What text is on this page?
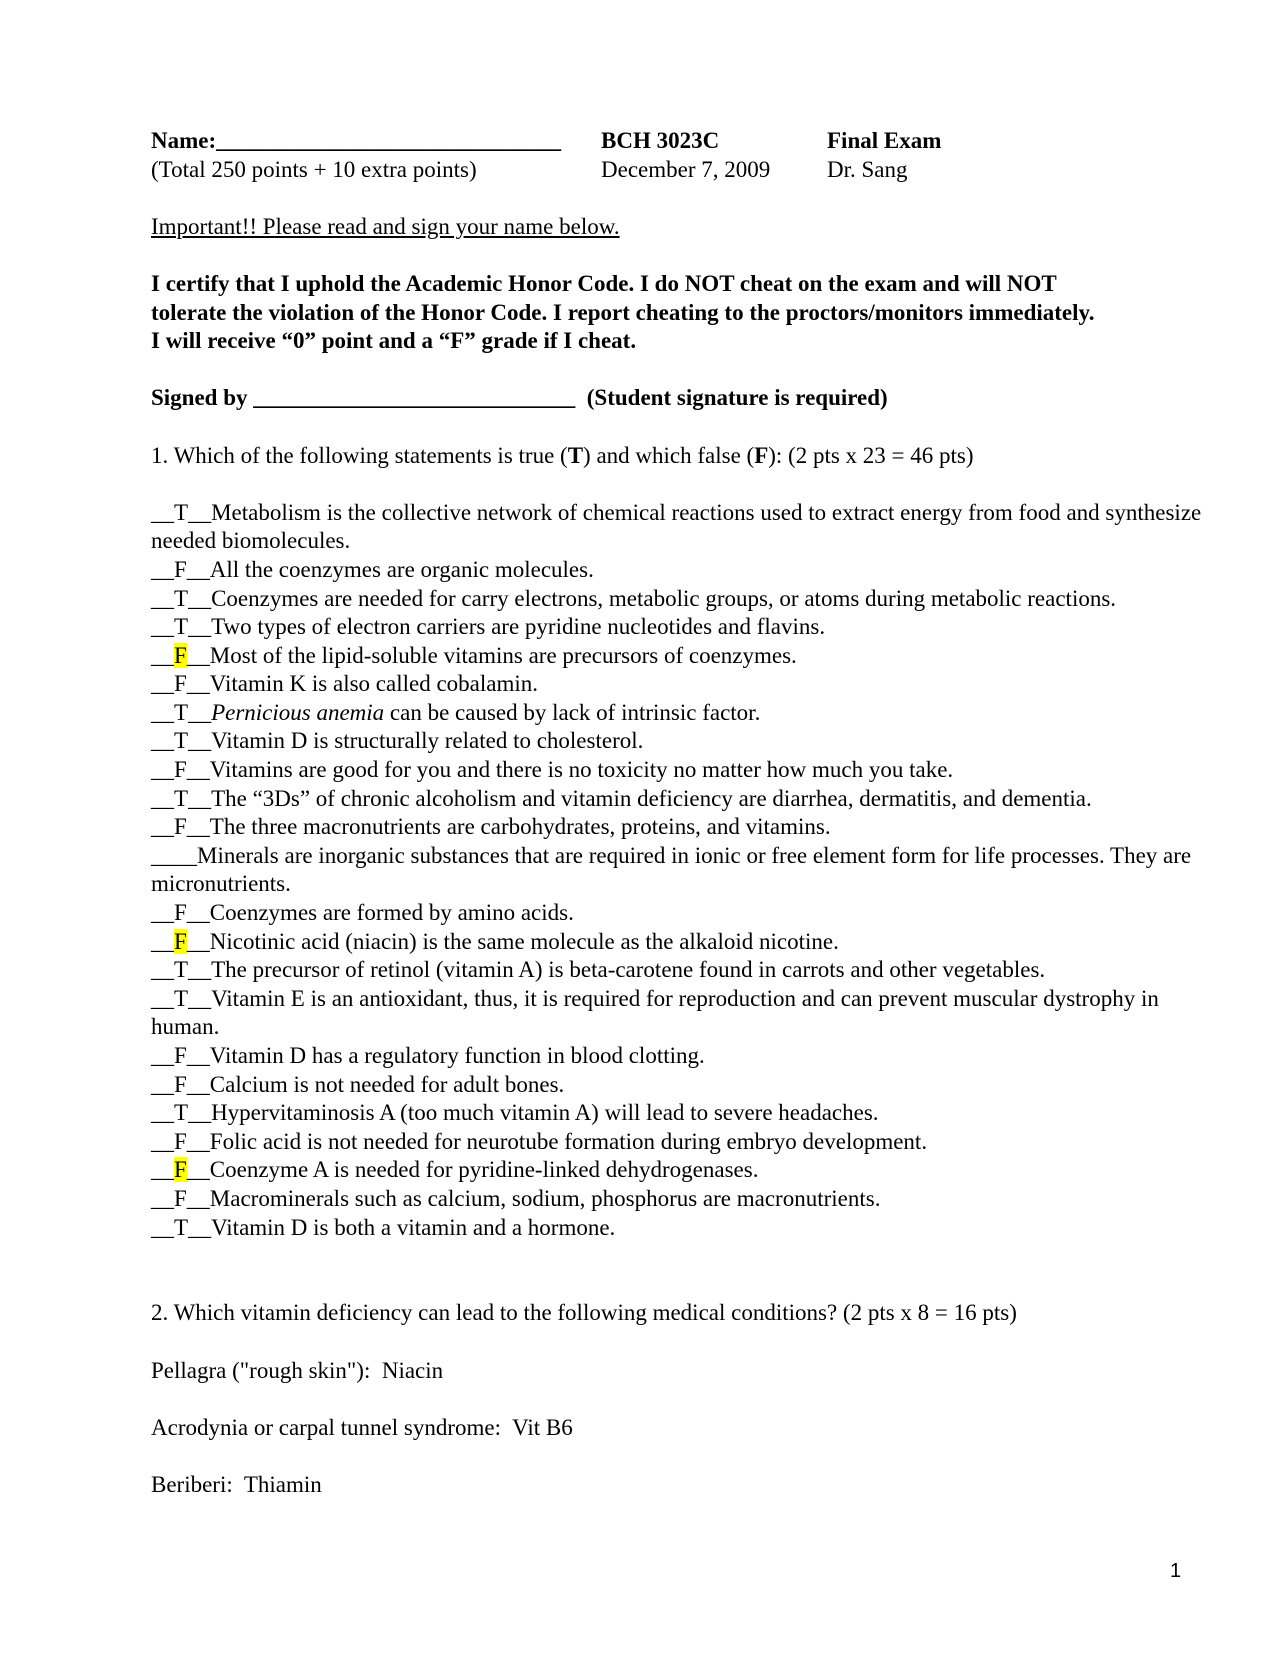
Name:______________________________	BCH 3023C	Final Exam
(Total 250 points + 10 extra points)	December 7, 2009	Dr. Sang
Important!! Please read and sign your name below.
I certify that I uphold the Academic Honor Code. I do NOT cheat on the exam and will NOT
tolerate the violation of the Honor Code. I report cheating to the proctors/monitors immediately.
I will receive “0” point and a “F” grade if I cheat.
Signed by ____________________________ (Student signature is required)
1. Which of the following statements is true (T) and which false (F): (2 pts x 23 = 46 pts)
__T__Metabolism is the collective network of chemical reactions used to extract energy from food and synthesize needed biomolecules.
__F__All the coenzymes are organic molecules.
__T__Coenzymes are needed for carry electrons, metabolic groups, or atoms during metabolic reactions.
__T__Two types of electron carriers are pyridine nucleotides and flavins.
__F__Most of the lipid-soluble vitamins are precursors of coenzymes.
__F__Vitamin K is also called cobalamin.
__T__Pernicious anemia can be caused by lack of intrinsic factor.
__T__Vitamin D is structurally related to cholesterol.
__F__Vitamins are good for you and there is no toxicity no matter how much you take.
__T__The “3Ds” of chronic alcoholism and vitamin deficiency are diarrhea, dermatitis, and dementia.
__F__The three macronutrients are carbohydrates, proteins, and vitamins.
____Minerals are inorganic substances that are required in ionic or free element form for life processes. They are micronutrients.
__F__Coenzymes are formed by amino acids.
__F__Nicotinic acid (niacin) is the same molecule as the alkaloid nicotine.
__T__The precursor of retinol (vitamin A) is beta-carotene found in carrots and other vegetables.
__T__Vitamin E is an antioxidant, thus, it is required for reproduction and can prevent muscular dystrophy in human.
__F__Vitamin D has a regulatory function in blood clotting.
__F__Calcium is not needed for adult bones.
__T__Hypervitaminosis A (too much vitamin A) will lead to severe headaches.
__F__Folic acid is not needed for neurotube formation during embryo development.
__F__Coenzyme A is needed for pyridine-linked dehydrogenases.
__F__Macrominerals such as calcium, sodium, phosphorus are macronutrients.
__T__Vitamin D is both a vitamin and a hormone.
2. Which vitamin deficiency can lead to the following medical conditions? (2 pts x 8 = 16 pts)
Pellagra ("rough skin"): Niacin
Acrodynia or carpal tunnel syndrome: Vit B6
Beriberi: Thiamin
1
